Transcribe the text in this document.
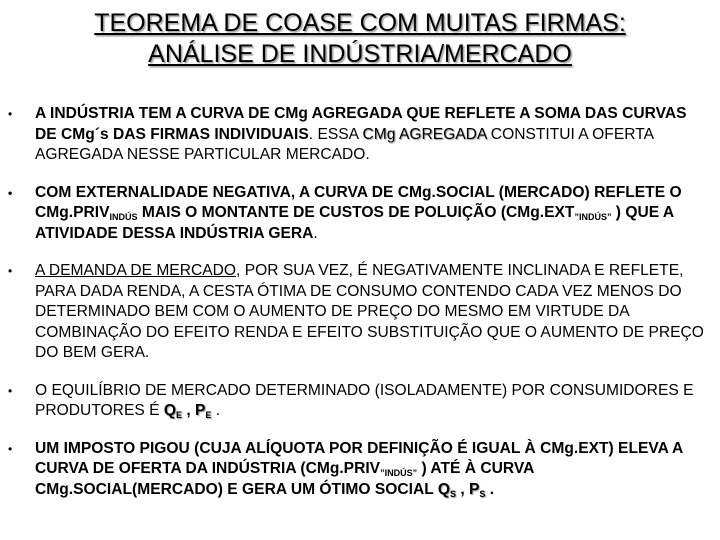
TEOREMA DE COASE COM MUITAS FIRMAS:
ANÁLISE DE INDÚSTRIA/MERCADO
• A INDÚSTRIA TEM A CURVA DE CMg AGREGADA QUE REFLETE A SOMA DAS CURVAS DE CMg´s DAS FIRMAS INDIVIDUAIS. ESSA CMg AGREGADA CONSTITUI A OFERTA AGREGADA NESSE PARTICULAR MERCADO.
• COM EXTERNALIDADE NEGATIVA, A CURVA DE CMg.SOCIAL (MERCADO) REFLETE O $CMg.PRIV_{INDÚS}$ MAIS O MONTANTE DE CUSTOS DE POLUIÇÃO ($CMg.EXT_{”INDÚS”}$ ) QUE A ATIVIDADE DESSA INDÚSTRIA GERA.
• A DEMANDA DE MERCADO, POR SUA VEZ, É NEGATIVAMENTE INCLINADA E REFLETE, PARA DADA RENDA, A CESTA ÓTIMA DE CONSUMO CONTENDO CADA VEZ MENOS DO DETERMINADO BEM COM O AUMENTO DE PREÇO DO MESMO EM VIRTUDE DA COMBINAÇÃO DO EFEITO RENDA E EFEITO SUBSTITUIÇÃO QUE O AUMENTO DE PREÇO DO BEM GERA.
• O EQUILÍBRIO DE MERCADO DETERMINADO (ISOLADAMENTE) POR CONSUMIDORES E PRODUTORES É $Q_E$ , $P_E$ .
• UM IMPOSTO PIGOU (CUJA ALÍQUOTA POR DEFINIÇÃO É IGUAL À CMg.EXT) ELEVA A CURVA DE OFERTA DA INDÚSTRIA ($CMg.PRIV_{”INDÚS”}$ ) ATÉ À CURVA CMg.SOCIAL(MERCADO) E GERA UM ÓTIMO SOCIAL $Q_S$ , $P_S$ .
